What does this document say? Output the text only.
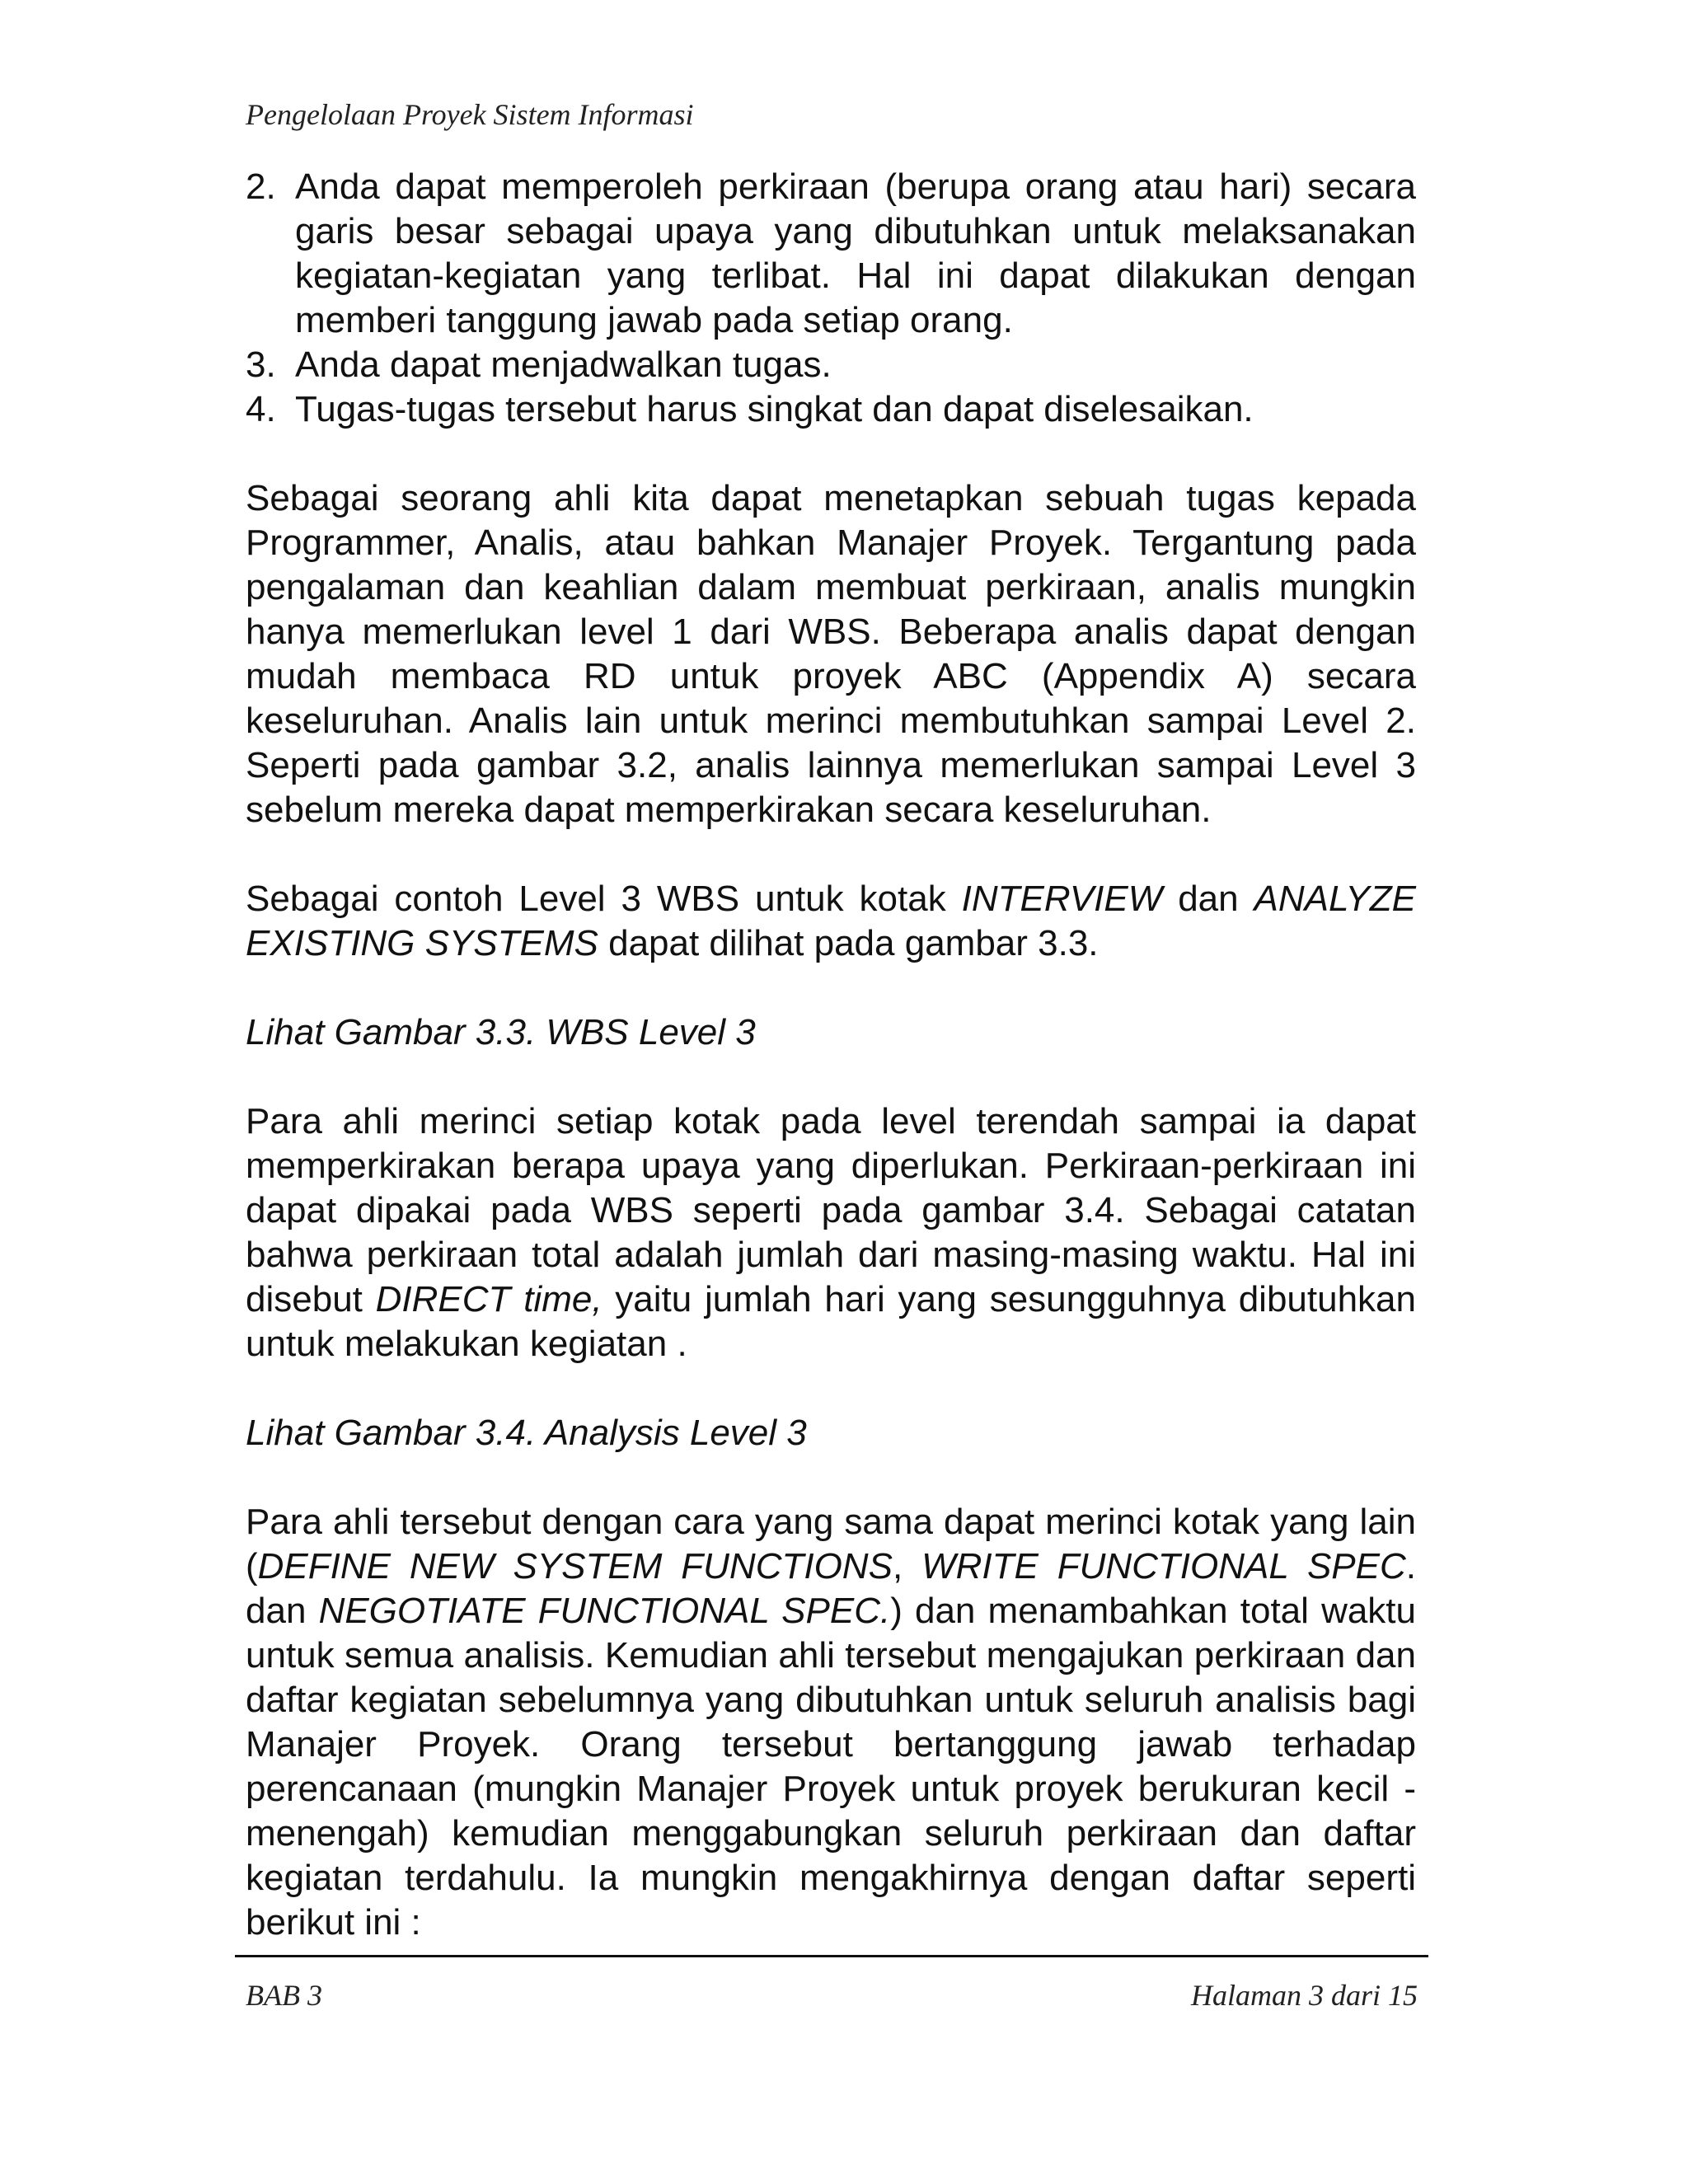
Pengelolaan Proyek Sistem Informasi
2. Anda dapat memperoleh perkiraan (berupa orang atau hari) secara garis besar sebagai upaya yang dibutuhkan untuk melaksanakan kegiatan-kegiatan yang terlibat. Hal ini dapat dilakukan dengan memberi tanggung jawab pada setiap orang.
3. Anda dapat menjadwalkan tugas.
4. Tugas-tugas tersebut harus singkat dan dapat diselesaikan.

Sebagai seorang ahli kita dapat menetapkan sebuah tugas kepada Programmer, Analis, atau bahkan Manajer Proyek. Tergantung pada pengalaman dan keahlian dalam membuat perkiraan, analis mungkin hanya memerlukan level 1 dari WBS. Beberapa analis dapat dengan mudah membaca RD untuk proyek ABC (Appendix A) secara keseluruhan. Analis lain untuk merinci membutuhkan sampai Level 2. Seperti pada gambar 3.2, analis lainnya memerlukan sampai Level 3 sebelum mereka dapat memperkirakan secara keseluruhan.

Sebagai contoh Level 3 WBS untuk kotak INTERVIEW dan ANALYZE EXISTING SYSTEMS dapat dilihat pada gambar 3.3.

Lihat Gambar 3.3. WBS Level 3

Para ahli merinci setiap kotak pada level terendah sampai ia dapat memperkirakan berapa upaya yang diperlukan. Perkiraan-perkiraan ini dapat dipakai pada WBS seperti pada gambar 3.4. Sebagai catatan bahwa perkiraan total adalah jumlah dari masing-masing waktu. Hal ini disebut DIRECT time, yaitu jumlah hari yang sesungguhnya dibutuhkan untuk melakukan kegiatan .

Lihat Gambar 3.4. Analysis Level 3

Para ahli tersebut dengan cara yang sama dapat merinci kotak yang lain (DEFINE NEW SYSTEM FUNCTIONS, WRITE FUNCTIONAL SPEC. dan NEGOTIATE FUNCTIONAL SPEC.) dan menambahkan total waktu untuk semua analisis. Kemudian ahli tersebut mengajukan perkiraan dan daftar kegiatan sebelumnya yang dibutuhkan untuk seluruh analisis bagi Manajer Proyek. Orang tersebut bertanggung jawab terhadap perencanaan (mungkin Manajer Proyek untuk proyek berukuran kecil - menengah) kemudian menggabungkan seluruh perkiraan dan daftar kegiatan terdahulu. Ia mungkin mengakhirnya dengan daftar seperti berikut ini :

BAB 3	Halaman 3 dari 15
